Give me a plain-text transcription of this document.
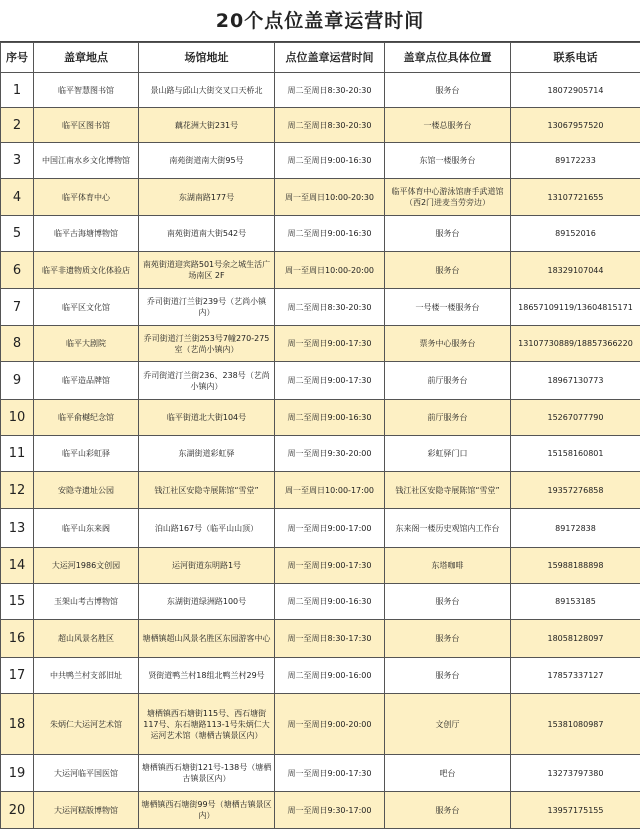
20个点位盖章运营时间
序号	盖章地点	场馆地址	点位盖章运营时间	盖章点位具体位置	联系电话
1	临平智慧图书馆	景山路与邱山大街交叉口天桥北	周二至周日8:30-20:30	服务台	18072905714
2	临平区图书馆	藕花洲大街231号	周二至周日8:30-20:30	一楼总服务台	13067957520
3	中国江南水乡文化博物馆	南苑街道南大街95号	周二至周日9:00-16:30	东馆一楼服务台	89172233
4	临平体育中心	东湖南路177号	周一至周日10:00-20:30	临平体育中心游泳馆唐手武道馆（西2门进麦当劳旁边）	13107721655
5	临平古海塘博物馆	南苑街道南大街542号	周二至周日9:00-16:30	服务台	89152016
6	临平非遗物质文化体验店	南苑街道迎宾路501号余之城生活广场南区 2F	周一至周日10:00-20:00	服务台	18329107044
7	临平区文化馆	乔司街道汀兰街239号（艺尚小镇内）	周二至周日8:30-20:30	一号楼一楼服务台	18657109119/13604815171
8	临平大剧院	乔司街道汀兰街253号7幢270-275室（艺尚小镇内）	周一至周日9:00-17:30	票务中心服务台	13107730889/18857366220
9	临平造品牌馆	乔司街道汀兰街236、238号（艺尚小镇内）	周二至周日9:00-17:30	前厅服务台	18967130773
10	临平俞樾纪念馆	临平街道北大街104号	周二至周日9:00-16:30	前厅服务台	15267077790
11	临平山彩虹驿	东湖街道彩虹驿	周一至周日9:30-20:00	彩虹驿门口	15158160801
12	安隐寺遗址公园	钱江社区安隐寺展陈馆“雪堂”	周一至周日10:00-17:00	钱江社区安隐寺展陈馆“雪堂”	19357276858
13	临平山东来阁	泊山路167号（临平山山顶）	周一至周日9:00-17:00	东来阁一楼历史观馆内工作台	89172838
14	大运河1986文创园	运河街道东明路1号	周一至周日9:00-17:30	东塔咖啡	15988188898
15	玉架山考古博物馆	东湖街道绿洲路100号	周二至周日9:00-16:30	服务台	89153185
16	超山风景名胜区	塘栖镇超山风景名胜区东园游客中心	周一至周日8:30-17:30	服务台	18058128097
17	中共鸭兰村支部旧址	贤街道鸭兰村18组北鸭兰村29号	周二至周日9:00-16:00	服务台	17857337127
18	朱炳仁大运河艺术馆	塘栖镇西石塘街115号、西石塘街117号、东石塘路113-1号朱炳仁大运河艺术馆（塘栖古镇景区内）	周一至周日9:00-20:00	文创厅	15381080987
19	大运河临平国医馆	塘栖镇西石塘街121号-138号（塘栖古镇景区内）	周一至周日9:00-17:30	吧台	13273797380
20	大运河糕版博物馆	塘栖镇西石塘街99号（塘栖古镇景区内）	周一至周日9:30-17:00	服务台	13957175155
